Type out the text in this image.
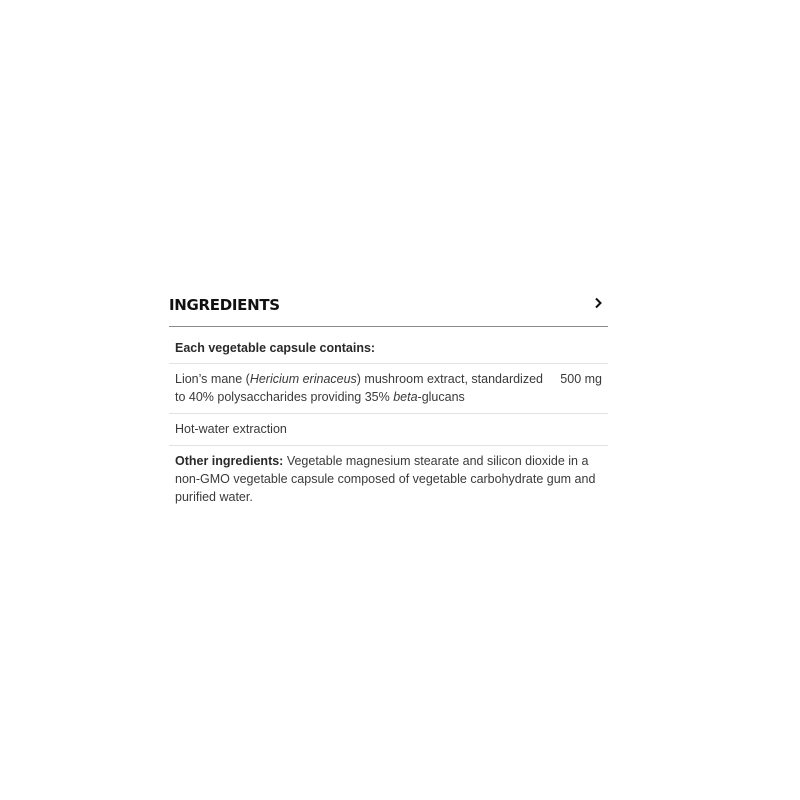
INGREDIENTS
Each vegetable capsule contains:
Lion’s mane (Hericium erinaceus) mushroom extract, standardized to 40% polysaccharides providing 35% beta-glucans
500 mg
Hot-water extraction
Other ingredients: Vegetable magnesium stearate and silicon dioxide in a non-GMO vegetable capsule composed of vegetable carbohydrate gum and purified water.
